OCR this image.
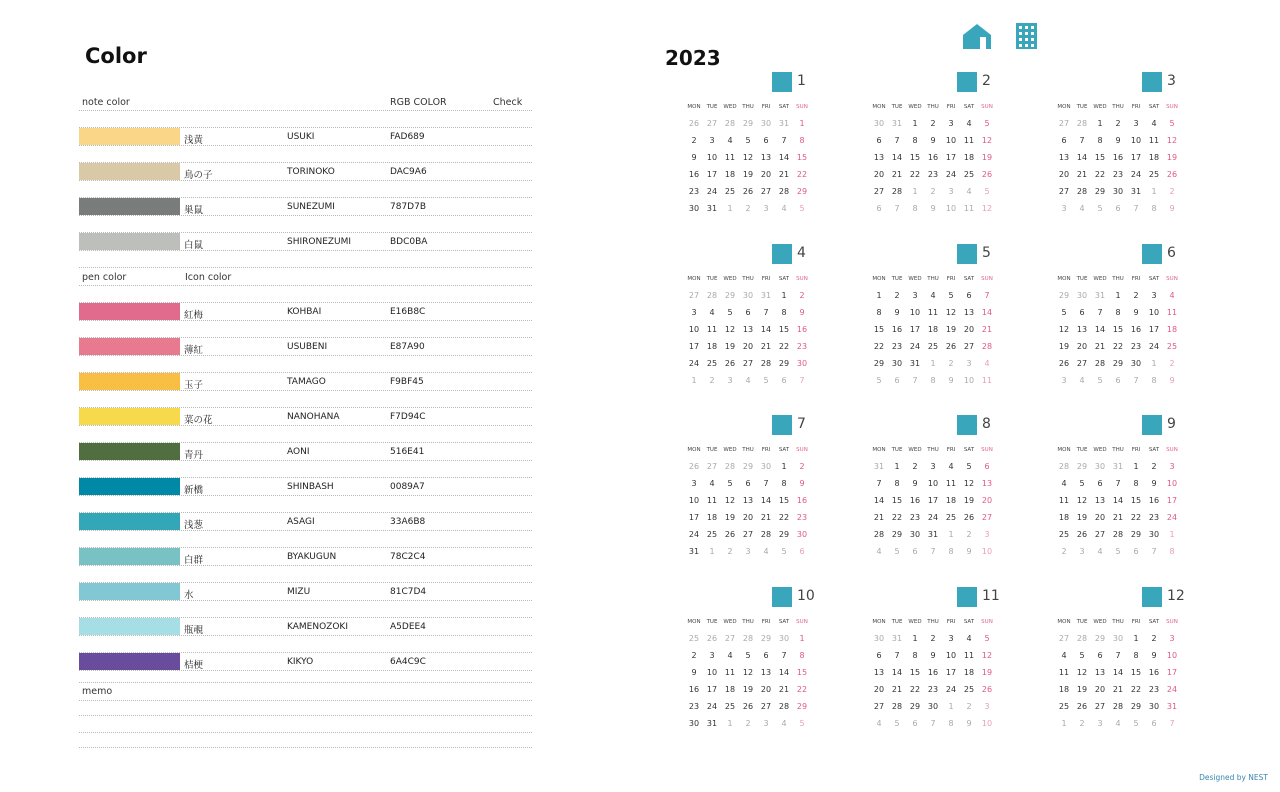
Color
note color	RGB COLOR	Check
浅黄	USUKI	FAD689
鳥の子	TORINOKO	DAC9A6
巣鼠	SUNEZUMI	787D7B
白鼠	SHIRONEZUMI	BDC0BA
pen color	Icon color
紅梅	KOHBAI	E16B8C
薄紅	USUBENI	E87A90
玉子	TAMAGO	F9BF45
菜の花	NANOHANA	F7D94C
青丹	AONI	516E41
新橋	SHINBASH	0089A7
浅葱	ASAGI	33A6B8
白群	BYAKUGUN	78C2C4
水	MIZU	81C7D4
瓶覗	KAMENOZOKI	A5DEE4
桔梗	KIKYO	6A4C9C
memo
2023
1
MON	TUE	WED	THU	FRI	SAT	SUN
26 27 28 29 30 31	1
2	3	4	5	6	7	8
9	10 11 12 13 14 15
16 17 18 19 20 21 22
23 24 25 26 27 28 29
30 31	1	2	3	4	5
2
MON	TUE	WED	THU	FRI	SAT	SUN
30 31	1	2	3	4	5
6	7	8	9	10 11 12
13 14 15 16 17 18 19
20 21 22 23 24 25 26
27 28	1	2	3	4	5
6	7	8	9	10 11 12
3
MON	TUE	WED	THU	FRI	SAT	SUN
27 28	1	2	3	4	5
6	7	8	9	10 11 12
13 14 15 16 17 18 19
20 21 22 23 24 25 26
27 28 29 30 31	1	2
3	4	5	6	7	8	9
4
MON	TUE	WED	THU	FRI	SAT	SUN
27 28 29 30 31	1	2
3	4	5	6	7	8	9
10 11 12 13 14 15 16
17 18 19 20 21 22 23
24 25 26 27 28 29 30
1	2	3	4	5	6	7
5
MON	TUE	WED	THU	FRI	SAT	SUN
1	2	3	4	5	6	7
8	9	10 11 12 13 14
15 16 17 18 19 20 21
22 23 24 25 26 27 28
29 30 31	1	2	3	4
5	6	7	8	9	10 11
6
MON	TUE	WED	THU	FRI	SAT	SUN
29 30 31	1	2	3	4
5	6	7	8	9	10 11
12 13 14 15 16 17 18
19 20 21 22 23 24 25
26 27 28 29 30	1	2
3	4	5	6	7	8	9
7
MON	TUE	WED	THU	FRI	SAT	SUN
26 27 28 29 30	1	2
3	4	5	6	7	8	9
10 11 12 13 14 15 16
17 18 19 20 21 22 23
24 25 26 27 28 29 30
31	1	2	3	4	5	6
8
MON	TUE	WED	THU	FRI	SAT	SUN
31	1	2	3	4	5	6
7	8	9	10 11 12 13
14 15 16 17 18 19 20
21 22 23 24 25 26 27
28 29 30 31	1	2	3
4	5	6	7	8	9	10
9
MON	TUE	WED	THU	FRI	SAT	SUN
28 29 30 31	1	2	3
4	5	6	7	8	9	10
11 12 13 14 15 16 17
18 19 20 21 22 23 24
25 26 27 28 29 30	1
2	3	4	5	6	7	8
10
MON	TUE	WED	THU	FRI	SAT	SUN
25 26 27 28 29 30	1
2	3	4	5	6	7	8
9	10 11 12 13 14 15
16 17 18 19 20 21 22
23 24 25 26 27 28 29
30 31	1	2	3	4	5
11
MON	TUE	WED	THU	FRI	SAT	SUN
30 31	1	2	3	4	5
6	7	8	9	10 11 12
13 14 15 16 17 18 19
20 21 22 23 24 25 26
27 28 29 30	1	2	3
4	5	6	7	8	9	10
12
MON	TUE	WED	THU	FRI	SAT	SUN
27 28 29 30	1	2	3
4	5	6	7	8	9	10
11 12 13 14 15 16 17
18 19 20 21 22 23 24
25 26 27 28 29 30 31
1	2	3	4	5	6	7
Designed by NEST
